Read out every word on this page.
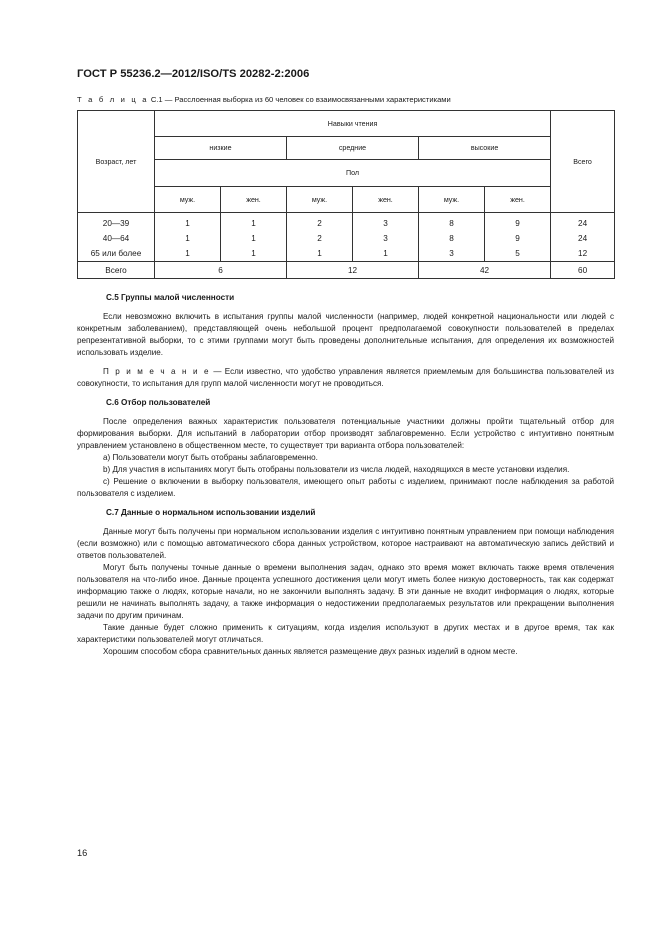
ГОСТ Р 55236.2—2012/ISO/TS 20282-2:2006
Т а б л и ц а С.1 — Расслоенная выборка из 60 человек со взаимосвязанными характеристиками
Возраст, лет	Навыки чтения						Всего
	низкие		средние		высокие		
	Пол						
	муж.	жен.	муж.	жен.	муж.	жен.	

20—39	1	1	2	3	8	9	24
40—64	1	1	2	3	8	9	24
65 или более	1	1	1	1	3	5	12
Всего	6		12		42		60
С.5 Группы малой численности

Если невозможно включить в испытания группы малой численности (например, людей конкретной национальности или людей с конкретным заболеванием), представляющей очень небольшой процент предполагаемой совокупности пользователей в пределах репрезентативной выборки, то с этими группами могут быть проведены дополнительные испытания, для определения их возможностей использовать изделие.

П р и м е ч а н и е — Если известно, что удобство управления является приемлемым для большинства пользователей из совокупности, то испытания для групп малой численности могут не проводиться.

С.6 Отбор пользователей

После определения важных характеристик пользователя потенциальные участники должны пройти тщательный отбор для формирования выборки. Для испытаний в лаборатории отбор производят заблаговременно. Если устройство с интуитивно понятным управлением установлено в общественном месте, то существует три варианта отбора пользователей:

а) Пользователи могут быть отобраны заблаговременно.

b) Для участия в испытаниях могут быть отобраны пользователи из числа людей, находящихся в месте установки изделия.

с) Решение о включении в выборку пользователя, имеющего опыт работы с изделием, принимают после наблюдения за работой пользователя с изделием.

С.7 Данные о нормальном использовании изделий

Данные могут быть получены при нормальном использовании изделия с интуитивно понятным управлением при помощи наблюдения (если возможно) или с помощью автоматического сбора данных устройством, которое настраивают на автоматическую запись действий и ответов пользователей.

Могут быть получены точные данные о времени выполнения задач, однако это время может включать также время отвлечения пользователя на что-либо иное. Данные процента успешного достижения цели могут иметь более низкую достоверность, так как содержат информацию также о людях, которые начали, но не закончили выполнять задачу. В эти данные не входит информация о людях, которые решили не начинать выполнять задачу, а также информация о недостижении предполагаемых результатов или прекращении выполнения задачи по другим причинам.

Такие данные будет сложно применить к ситуациям, когда изделия используют в других местах и в другое время, так как характеристики пользователей могут отличаться.

Хорошим способом сбора сравнительных данных является размещение двух разных изделий в одном месте.

16
